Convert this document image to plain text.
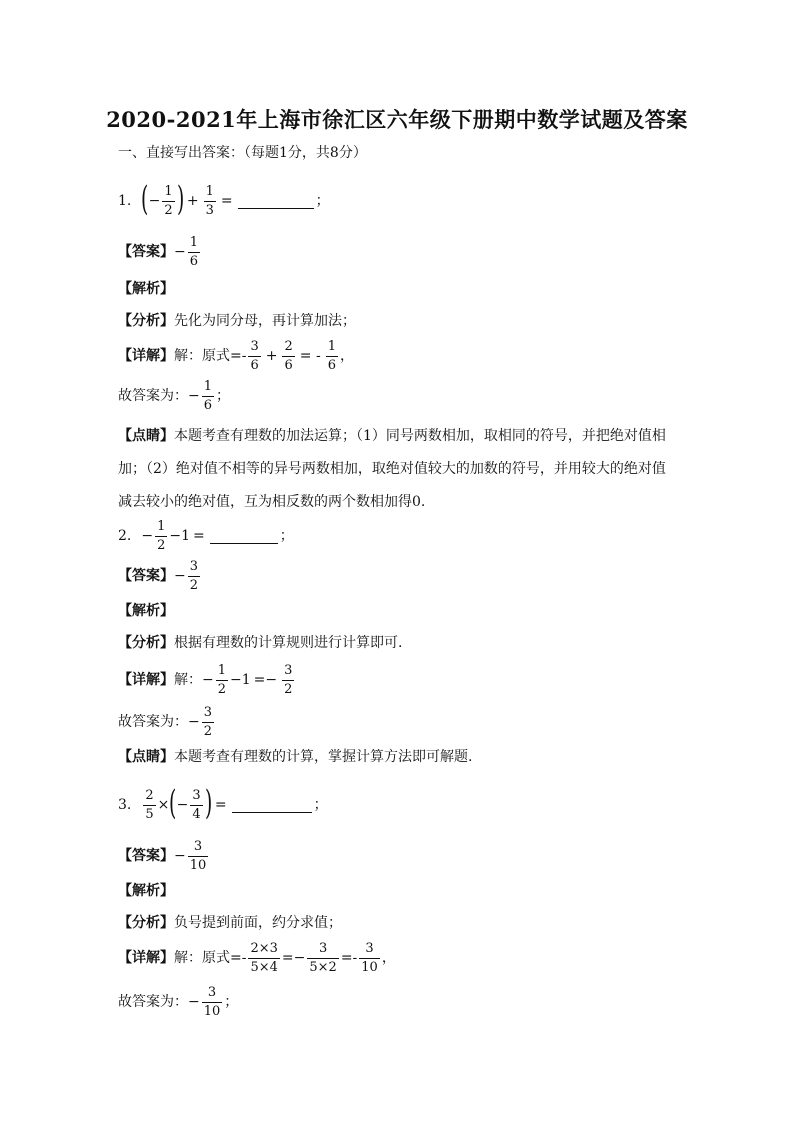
2020-2021年上海市徐汇区六年级下册期中数学试题及答案
一、直接写出答案：（每题1分，共8分）
1. ( − $\frac{1}{2}$ ) + $\frac{1}{3}$ =	；
【答案】 − $\frac{1}{6}$
【解析】
【分析】 先化为同分母，再计算加法；
【详解】 解： 原式= - $\frac{3}{6} + \frac{2}{6}$ = - $\frac{1}{6}$ ，
故答案为： − $\frac{1}{6}$ ；
【点睛】本题考查有理数的加法运算；（1）同号两数相加，取相同的符号，并把绝对值相加；（2）绝对值不相等的异号两数相加，取绝对值较大的加数的符号，并用较大的绝对值减去较小的绝对值，互为相反数的两个数相加得0.
2. − $\frac{1}{2} -1$ =	；
【答案】 − $\frac{3}{2}$
【解析】
【分析】 根据有理数的计算规则进行计算即可.
【详解】 解： − $\frac{1}{2} -1 =- \frac{3}{2}$
故答案为： − $\frac{3}{2}$
【点睛】 本题考查有理数的计算，掌握计算方法即可解题.
3. $\frac{2}{5}$ × ( − $\frac{3}{4}$ ) =	；
【答案】 − $\frac{3}{10}$
【解析】
【分析】 负号提到前面，约分求值；
【详解】 解： 原式= - $\frac{2\times 3}{5\times 4} =- \frac{3}{5\times 2} =- \frac{3}{10}$ ，
故答案为： − $\frac{3}{10}$ ；
